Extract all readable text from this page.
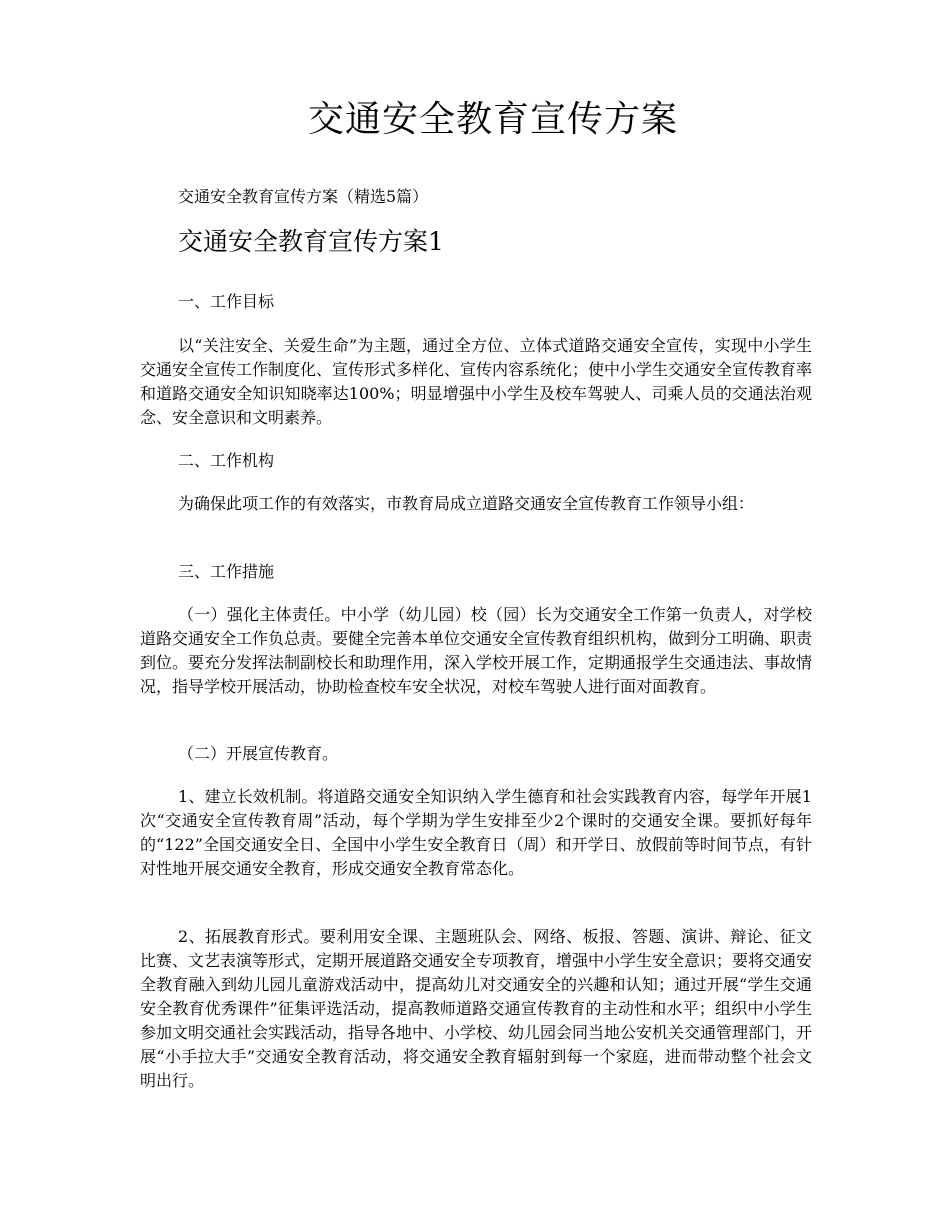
交通安全教育宣传方案

交通安全教育宣传方案（精选5篇）

交通安全教育宣传方案1

一、工作目标

以“关注安全、关爱生命”为主题，通过全方位、立体式道路交通安全宣传，实现中小学生交通安全宣传工作制度化、宣传形式多样化、宣传内容系统化；使中小学生交通安全宣传教育率和道路交通安全知识知晓率达100%；明显增强中小学生及校车驾驶人、司乘人员的交通法治观念、安全意识和文明素养。

二、工作机构

为确保此项工作的有效落实，市教育局成立道路交通安全宣传教育工作领导小组：

三、工作措施

（一）强化主体责任。中小学（幼儿园）校（园）长为交通安全工作第一负责人，对学校道路交通安全工作负总责。要健全完善本单位交通安全宣传教育组织机构，做到分工明确、职责到位。要充分发挥法制副校长和助理作用，深入学校开展工作，定期通报学生交通违法、事故情况，指导学校开展活动，协助检查校车安全状况，对校车驾驶人进行面对面教育。

（二）开展宣传教育。

1、建立长效机制。将道路交通安全知识纳入学生德育和社会实践教育内容，每学年开展1次“交通安全宣传教育周”活动，每个学期为学生安排至少2个课时的交通安全课。要抓好每年的“122”全国交通安全日、全国中小学生安全教育日（周）和开学日、放假前等时间节点，有针对性地开展交通安全教育，形成交通安全教育常态化。

2、拓展教育形式。要利用安全课、主题班队会、网络、板报、答题、演讲、辩论、征文比赛、文艺表演等形式，定期开展道路交通安全专项教育，增强中小学生安全意识；要将交通安全教育融入到幼儿园儿童游戏活动中，提高幼儿对交通安全的兴趣和认知；通过开展“学生交通安全教育优秀课件”征集评选活动，提高教师道路交通宣传教育的主动性和水平；组织中小学生参加文明交通社会实践活动，指导各地中、小学校、幼儿园会同当地公安机关交通管理部门，开展“小手拉大手”交通安全教育活动，将交通安全教育辐射到每一个家庭，进而带动整个社会文明出行。
